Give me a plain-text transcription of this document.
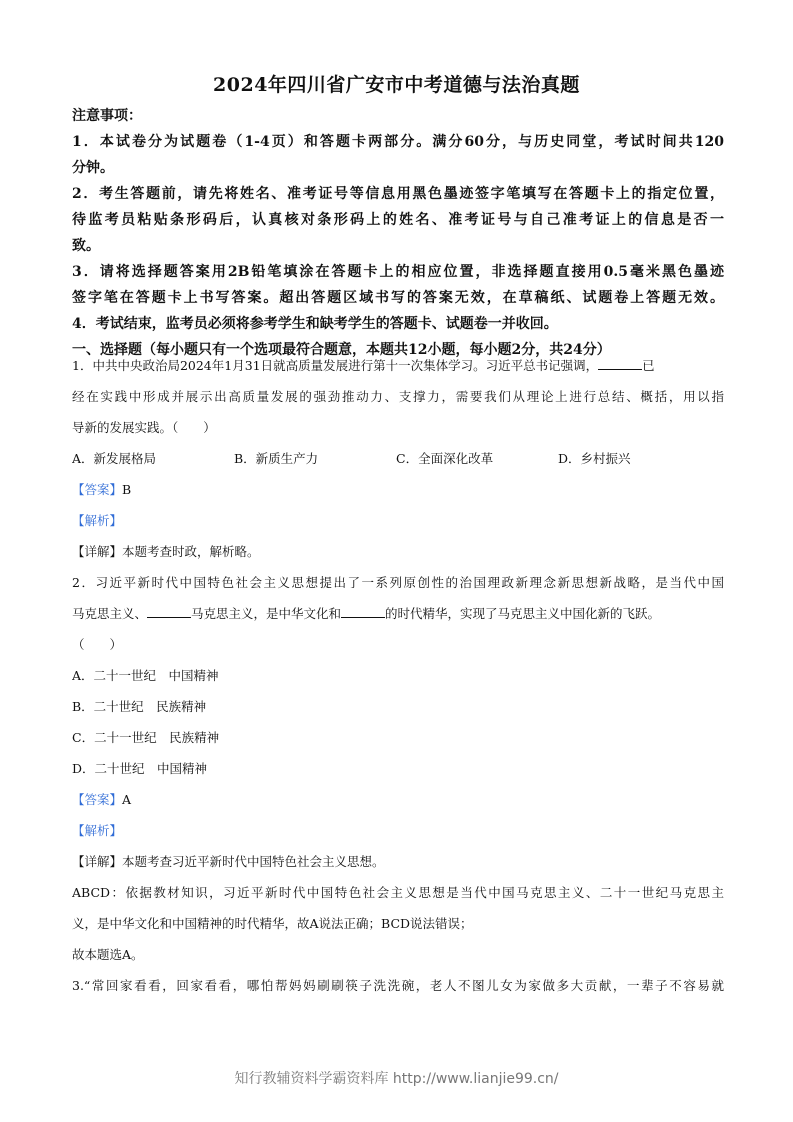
2024年四川省广安市中考道德与法治真题
注意事项：
1．本试卷分为试题卷（1-4页）和答题卡两部分。满分60分，与历史同堂，考试时间共120
分钟。
2．考生答题前，请先将姓名、准考证号等信息用黑色墨迹签字笔填写在答题卡上的指定位置，
待监考员粘贴条形码后，认真核对条形码上的姓名、准考证号与自己准考证上的信息是否一
致。
3．请将选择题答案用2B铅笔填涂在答题卡上的相应位置，非选择题直接用0.5毫米黑色墨迹
签字笔在答题卡上书写答案。超出答题区域书写的答案无效，在草稿纸、试题卷上答题无效。
4．考试结束，监考员必须将参考学生和缺考学生的答题卡、试题卷一并收回。
一、选择题（每小题只有一个选项最符合题意，本题共12小题，每小题2分，共24分）
1．中共中央政治局2024年1月31日就高质量发展进行第十一次集体学习。习近平总书记强调，	已
经在实践中形成并展示出高质量发展的强劲推动力、支撑力，需要我们从理论上进行总结、概括，用以指
导新的发展实践。（　　）
A．新发展格局	B．新质生产力	C．全面深化改革	D．乡村振兴
【答案】B
【解析】
【详解】本题考查时政，解析略。
2．习近平新时代中国特色社会主义思想提出了一系列原创性的治国理政新理念新思想新战略，是当代中国
马克思主义、	马克思主义，是中华文化和	的时代精华，实现了马克思主义中国化新的飞跃。
（　　）
A．二十一世纪　中国精神
B．二十世纪　民族精神
C．二十一世纪　民族精神
D．二十世纪　中国精神
【答案】A
【解析】
【详解】本题考查习近平新时代中国特色社会主义思想。
ABCD：依据教材知识，习近平新时代中国特色社会主义思想是当代中国马克思主义、二十一世纪马克思主
义，是中华文化和中国精神的时代精华，故A说法正确；BCD说法错误；
故本题选A。
3.“常回家看看，回家看看，哪怕帮妈妈刷刷筷子洗洗碗，老人不图儿女为家做多大贡献，一辈子不容易就
知行教辅资料学霸资料库 http://www.lianjie99.cn/
